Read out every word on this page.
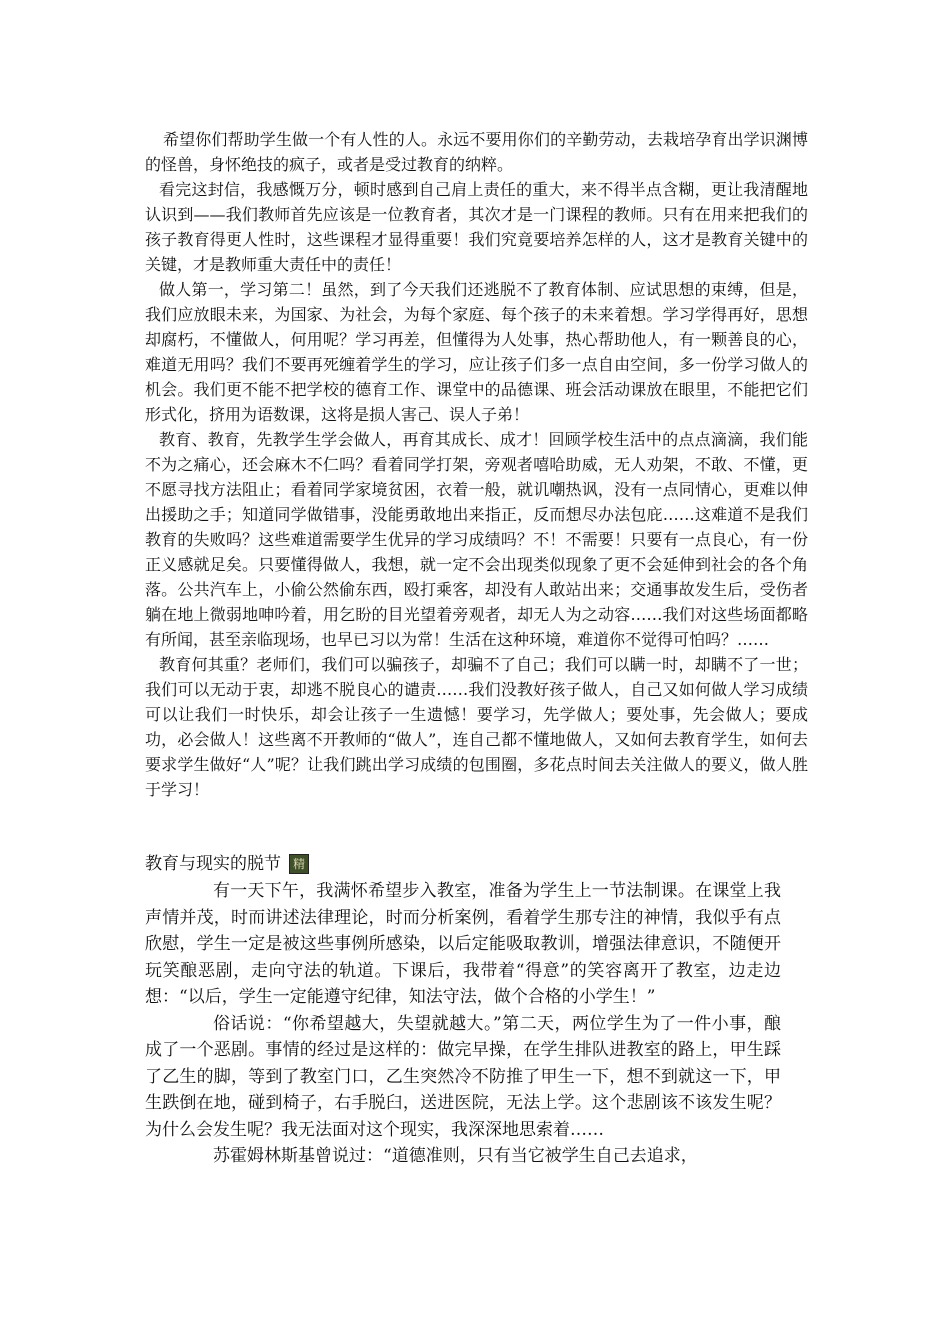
希望你们帮助学生做一个有人性的人。永远不要用你们的辛勤劳动，去栽培孕育出学识渊博的怪兽，身怀绝技的疯子，或者是受过教育的纳粹。

看完这封信，我感慨万分，顿时感到自己肩上责任的重大，来不得半点含糊，更让我清醒地认识到——我们教师首先应该是一位教育者，其次才是一门课程的教师。只有在用来把我们的孩子教育得更人性时，这些课程才显得重要！我们究竟要培养怎样的人，这才是教育关键中的关键，才是教师重大责任中的责任！

做人第一，学习第二！虽然，到了今天我们还逃脱不了教育体制、应试思想的束缚，但是，我们应放眼未来，为国家、为社会，为每个家庭、每个孩子的未来着想。学习学得再好，思想却腐朽，不懂做人，何用呢？学习再差，但懂得为人处事，热心帮助他人，有一颗善良的心，难道无用吗？我们不要再死缠着学生的学习，应让孩子们多一点自由空间，多一份学习做人的机会。我们更不能不把学校的德育工作、课堂中的品德课、班会活动课放在眼里，不能把它们形式化，挤用为语数课，这将是损人害己、误人子弟！

教育、教育，先教学生学会做人，再育其成长、成才！回顾学校生活中的点点滴滴，我们能不为之痛心，还会麻木不仁吗？看着同学打架，旁观者嘻哈助威，无人劝架，不敢、不懂，更不愿寻找方法阻止；看着同学家境贫困，衣着一般，就讥嘲热讽，没有一点同情心，更难以伸出援助之手；知道同学做错事，没能勇敢地出来指正，反而想尽办法包庇……这难道不是我们教育的失败吗？这些难道需要学生优异的学习成绩吗？不！不需要！只要有一点良心，有一份正义感就足矣。只要懂得做人，我想，就一定不会出现类似现象了更不会延伸到社会的各个角落。公共汽车上，小偷公然偷东西，殴打乘客，却没有人敢站出来；交通事故发生后，受伤者躺在地上微弱地呻吟着，用乞盼的目光望着旁观者，却无人为之动容……我们对这些场面都略有所闻，甚至亲临现场，也早已习以为常！生活在这种环境，难道你不觉得可怕吗？……

教育何其重？老师们，我们可以骗孩子，却骗不了自己；我们可以瞒一时，却瞒不了一世；我们可以无动于衷，却逃不脱良心的谴责……我们没教好孩子做人，自己又如何做人学习成绩可以让我们一时快乐，却会让孩子一生遗憾！要学习，先学做人；要处事，先会做人；要成功，必会做人！这些离不开教师的“做人”，连自己都不懂地做人，又如何去教育学生，如何去要求学生做好“人”呢？让我们跳出学习成绩的包围圈，多花点时间去关注做人的要义，做人胜于学习！

教育与现实的脱节 精

有一天下午，我满怀希望步入教室，准备为学生上一节法制课。在课堂上我声情并茂，时而讲述法律理论，时而分析案例，看着学生那专注的神情，我似乎有点欣慰，学生一定是被这些事例所感染，以后定能吸取教训，增强法律意识，不随便开玩笑酿恶剧，走向守法的轨道。下课后，我带着“得意”的笑容离开了教室，边走边想：“以后，学生一定能遵守纪律，知法守法，做个合格的小学生！”

俗话说：“你希望越大，失望就越大。”第二天，两位学生为了一件小事，酿成了一个恶剧。事情的经过是这样的：做完早操，在学生排队进教室的路上，甲生踩了乙生的脚，等到了教室门口，乙生突然冷不防推了甲生一下，想不到就这一下，甲生跌倒在地，碰到椅子，右手脱臼，送进医院，无法上学。这个悲剧该不该发生呢？为什么会发生呢？我无法面对这个现实，我深深地思索着……

苏霍姆林斯基曾说过：“道德准则，只有当它被学生自己去追求，
